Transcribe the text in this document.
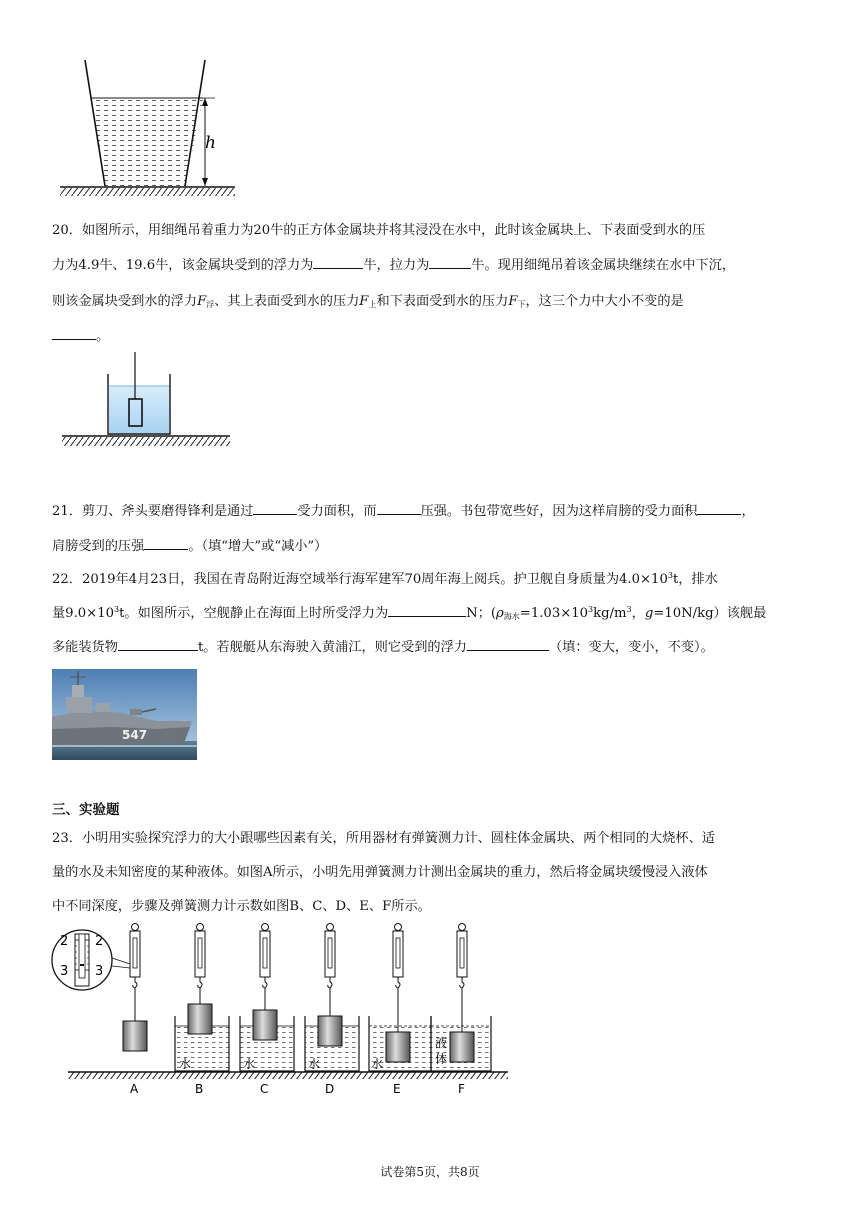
h
20．如图所示，用细绳吊着重力为20牛的正方体金属块并将其浸没在水中，此时该金属块上、下表面受到水的压
力为4.9牛、19.6牛，该金属块受到的浮力为	牛，拉力为	牛。现用细绳吊着该金属块继续在水中下沉，
则该金属块受到水的浮力$F_浮$、其上表面受到水的压力$F_上$和下表面受到水的压力$F_下$，这三个力中大小不变的是
。
21．剪刀、斧头要磨得锋利是通过	受力面积，而	压强。书包带宽些好，因为这样肩膀的受力面积	，
肩膀受到的压强	。（填“增大”或“减小”）
22．2019年4月23日，我国在青岛附近海空域举行海军建军70周年海上阅兵。护卫舰自身质量为$4.0\times 10^3t$，排水
量$9.0\times 10^3t$。如图所示，空舰静止在海面上时所受浮力为	N；($\rho_{海水}=1.03\times 10^3kg/m^3$，g=10N/kg）该舰最
多能装货物	t。若舰艇从东海驶入黄浦江，则它受到的浮力	（填：变大，变小，不变）。
547
三、实验题
23．小明用实验探究浮力的大小跟哪些因素有关，所用器材有弹簧测力计、圆柱体金属块、两个相同的大烧杯、适
量的水及未知密度的某种液体。如图A所示，小明先用弹簧测力计测出金属块的重力，然后将金属块缓慢浸入液体
中不同深度，步骤及弹簧测力计示数如图B、C、D、E、F所示。
2 2
3 3
水	水	水	水
液
体
A	B	C	D	E	F
试卷第5页，共8页
